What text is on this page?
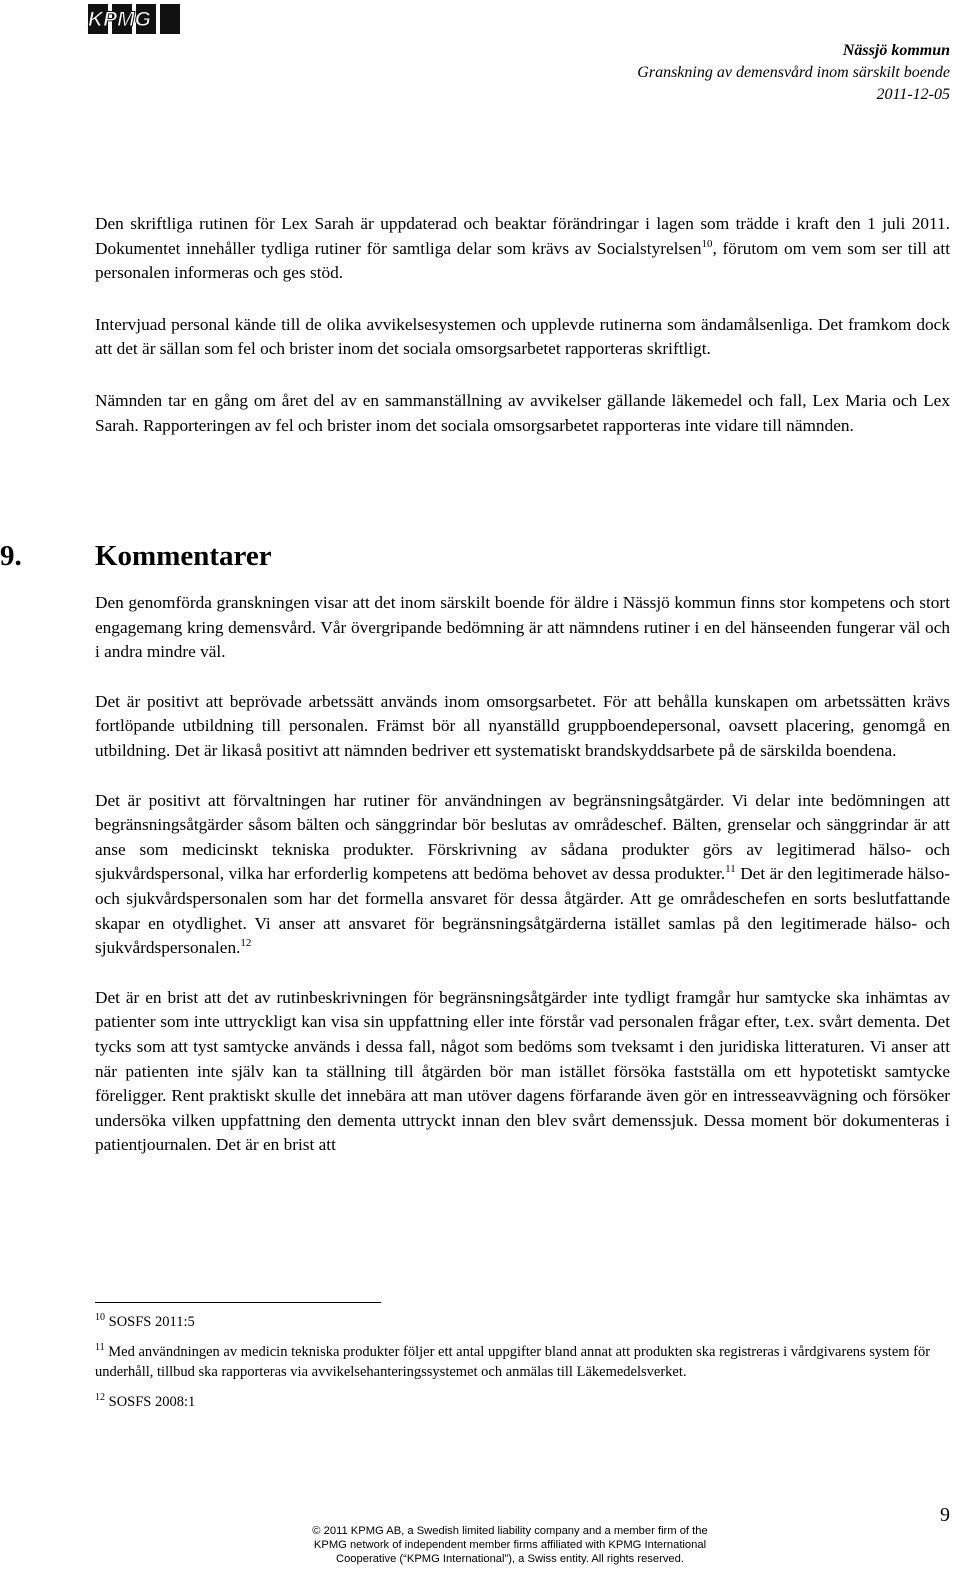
KPMG
Nässjö kommun
Granskning av demensvård inom särskilt boende
2011-12-05

Den skriftliga rutinen för Lex Sarah är uppdaterad och beaktar förändringar i lagen som trädde i kraft den 1 juli 2011. Dokumentet innehåller tydliga rutiner för samtliga delar som krävs av Socialstyrelsen$^{10}$, förutom om vem som ser till att personalen informeras och ges stöd.

Intervjuad personal kände till de olika avvikelsesystemen och upplevde rutinerna som ändamålsenliga. Det framkom dock att det är sällan som fel och brister inom det sociala omsorgsarbetet rapporteras skriftligt.

Nämnden tar en gång om året del av en sammanställning av avvikelser gällande läkemedel och fall, Lex Maria och Lex Sarah. Rapporteringen av fel och brister inom det sociala omsorgsarbetet rapporteras inte vidare till nämnden.

9.	Kommentarer

Den genomförda granskningen visar att det inom särskilt boende för äldre i Nässjö kommun finns stor kompetens och stort engagemang kring demensvård. Vår övergripande bedömning är att nämndens rutiner i en del hänseenden fungerar väl och i andra mindre väl.

Det är positivt att beprövade arbetssätt används inom omsorgsarbetet. För att behålla kunskapen om arbetssätten krävs fortlöpande utbildning till personalen. Främst bör all nyanställd gruppboendepersonal, oavsett placering, genomgå en utbildning. Det är likaså positivt att nämnden bedriver ett systematiskt brandskyddsarbete på de särskilda boendena.

Det är positivt att förvaltningen har rutiner för användningen av begränsningsåtgärder. Vi delar inte bedömningen att begränsningsåtgärder såsom bälten och sänggrindar bör beslutas av områdeschef. Bälten, grenselar och sänggrindar är att anse som medicinskt tekniska produkter. Förskrivning av sådana produkter görs av legitimerad hälso- och sjukvårdspersonal, vilka har erforderlig kompetens att bedöma behovet av dessa produkter.$^{11}$ Det är den legitimerade hälso- och sjukvårdspersonalen som har det formella ansvaret för dessa åtgärder. Att ge områdeschefen en sorts beslutfattande skapar en otydlighet. Vi anser att ansvaret för begränsningsåtgärderna istället samlas på den legitimerade hälso- och sjukvårdspersonalen.$^{12}$

Det är en brist att det av rutinbeskrivningen för begränsningsåtgärder inte tydligt framgår hur samtycke ska inhämtas av patienter som inte uttryckligt kan visa sin uppfattning eller inte förstår vad personalen frågar efter, t.ex. svårt dementa. Det tycks som att tyst samtycke används i dessa fall, något som bedöms som tveksamt i den juridiska litteraturen. Vi anser att när patienten inte själv kan ta ställning till åtgärden bör man istället försöka fastställa om ett hypotetiskt samtycke föreligger. Rent praktiskt skulle det innebära att man utöver dagens förfarande även gör en intresseavvägning och försöker undersöka vilken uppfattning den dementa uttryckt innan den blev svårt demenssjuk. Dessa moment bör dokumenteras i patientjournalen. Det är en brist att

$^{10}$ SOSFS 2011:5
$^{11}$ Med användningen av medicin tekniska produkter följer ett antal uppgifter bland annat att produkten ska registreras i vårdgivarens system för underhåll, tillbud ska rapporteras via avvikelsehanteringssystemet och anmälas till Läkemedelsverket.
$^{12}$ SOSFS 2008:1
9
© 2011 KPMG AB, a Swedish limited liability company and a member firm of the
KPMG network of independent member firms affiliated with KPMG International
Cooperative (“KPMG International”), a Swiss entity. All rights reserved.
